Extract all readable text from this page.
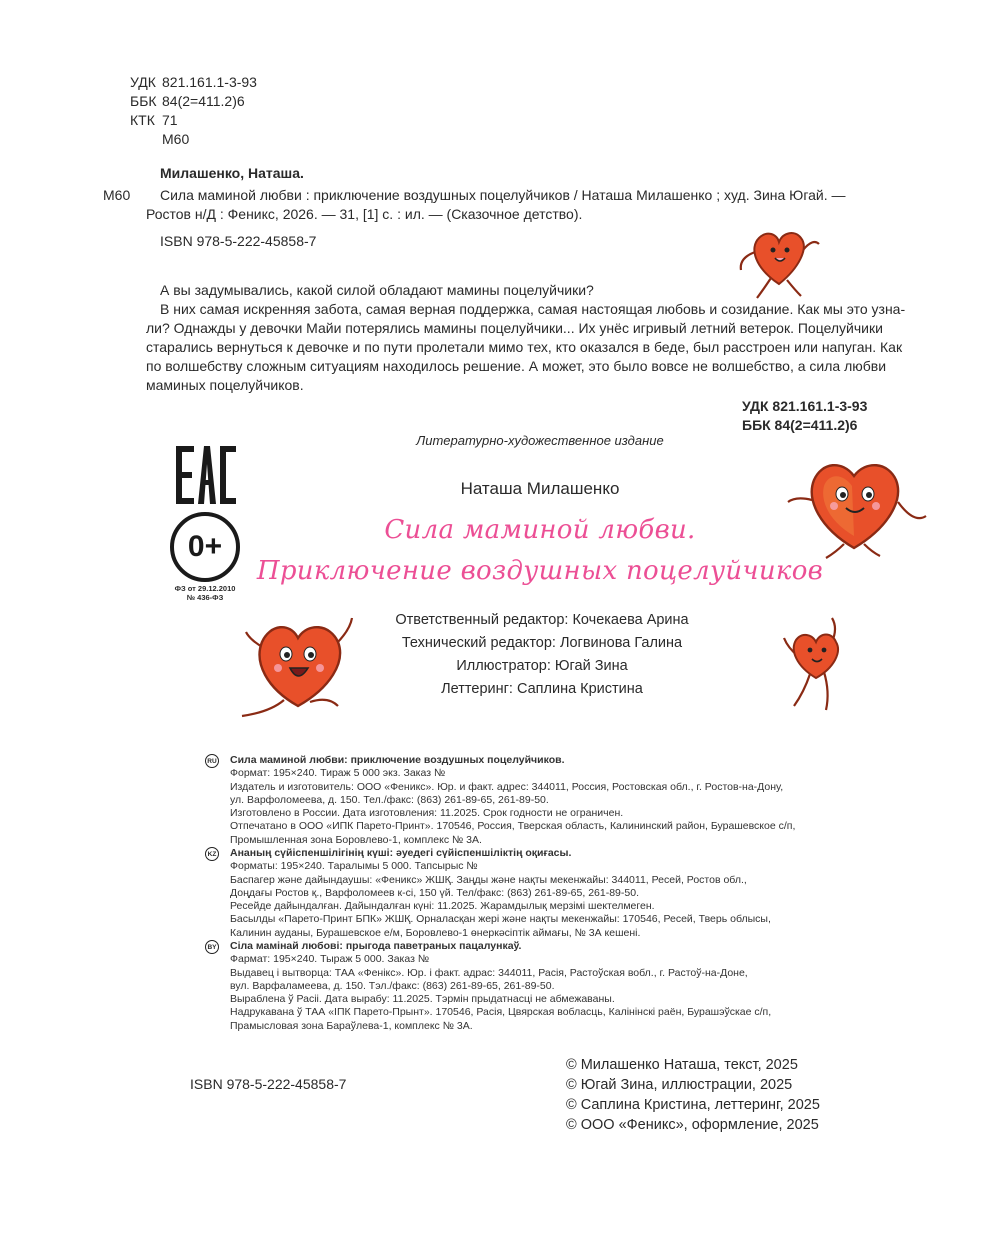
УДК 821.161.1-3-93
ББК 84(2=411.2)6
КТК 71
М60
Милашенко, Наташа.
М60 Сила маминой любви : приключение воздушных поцелуйчиков / Наташа Милашенко ; худ. Зина Югай. —
Ростов н/Д : Феникс, 2026. — 31, [1] с. : ил. — (Сказочное детство).
ISBN 978-5-222-45858-7
А вы задумывались, какой силой обладают мамины поцелуйчики?
В них самая искренняя забота, самая верная поддержка, самая настоящая любовь и созидание. Как мы это узна-
ли? Однажды у девочки Майи потерялись мамины поцелуйчики... Их унёс игривый летний ветерок. Поцелуйчики
старались вернуться к девочке и по пути пролетали мимо тех, кто оказался в беде, был расстроен или напуган. Как
по волшебству сложным ситуациям находилось решение. А может, это было вовсе не волшебство, а сила любви
маминых поцелуйчиков.
УДК 821.161.1-3-93
ББК 84(2=411.2)6
EAC
0+
ФЗ от 29.12.2010
№ 436-ФЗ
Литературно-художественное издание
Наташа Милашенко
Сила маминой любви.
Приключение воздушных поцелуйчиков
Ответственный редактор: Кочекаева Арина
Технический редактор: Логвинова Галина
Иллюстратор: Югай Зина
Леттеринг: Саплина Кристина
RU Сила маминой любви: приключение воздушных поцелуйчиков.
Формат: 195×240. Тираж 5 000 экз. Заказ №
Издатель и изготовитель: ООО «Феникс». Юр. и факт. адрес: 344011, Россия, Ростовская обл., г. Ростов-на-Дону,
ул. Варфоломеева, д. 150. Тел./факс: (863) 261-89-65, 261-89-50.
Изготовлено в России. Дата изготовления: 11.2025. Срок годности не ограничен.
Отпечатано в ООО «ИПК Парето-Принт». 170546, Россия, Тверская область, Калининский район, Бурашевское с/п,
Промышленная зона Боровлево-1, комплекс № 3А.
KZ Ананың сүйіспеншілігінің күші: әуедегі сүйіспеншіліктің оқиғасы.
Форматы: 195×240. Таралымы 5 000. Тапсырыс №
Баспагер және дайындаушы: «Феникс» ЖШҚ. Заңды және нақты мекенжайы: 344011, Ресей, Ростов обл.,
Доңдағы Ростов қ., Варфоломеев к-сі, 150 үй. Тел/факс: (863) 261-89-65, 261-89-50.
Ресейде дайындалған. Дайындалған күні: 11.2025. Жарамдылық мерзімі шектелмеген.
Басылды «Парето-Принт БПК» ЖШҚ. Орналасқан жері және нақты мекенжайы: 170546, Ресей, Тверь облысы,
Калинин ауданы, Бурашевское е/м, Боровлево-1 өнеркәсіптік аймағы, № 3А кешені.
BY Сіла мамінай любові: прыгода паветраных пацалункаў.
Фармат: 195×240. Тыраж 5 000. Заказ №
Выдавец і вытворца: ТАА «Фенікс». Юр. і факт. адрас: 344011, Расія, Растоўская вобл., г. Растоў-на-Доне,
вул. Варфаламеева, д. 150. Тэл./факс: (863) 261-89-65, 261-89-50.
Выраблена ў Расіі. Дата вырабу: 11.2025. Тэрмін прыдатнасці не абмежаваны.
Надрукавана ў ТАА «ІПК Парето-Прынт». 170546, Расія, Цвярская вобласць, Калінінскі раён, Бурашэўскае с/п,
Прамысловая зона Бараўлева-1, комплекс № 3А.
ISBN 978-5-222-45858-7
© Милашенко Наташа, текст, 2025
© Югай Зина, иллюстрации, 2025
© Саплина Кристина, леттеринг, 2025
© ООО «Феникс», оформление, 2025
